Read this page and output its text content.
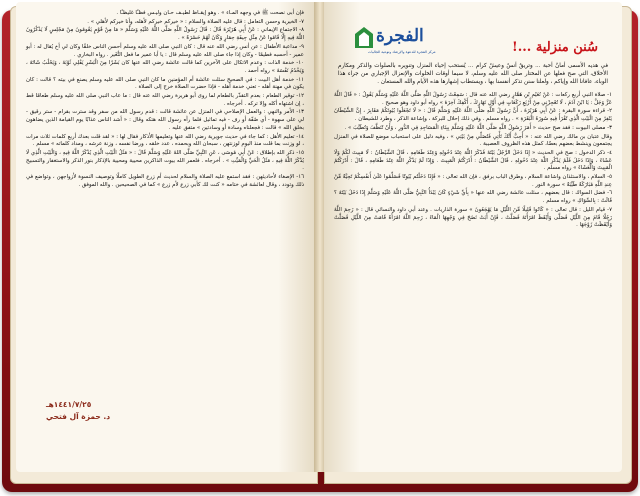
فإن أبى نصحت ﷺ في وجهه المـاء » . وهو إيقـاظ لطيـف حـان وليـس فظـًا غليظـًا .

٧- الخيرية وحسن التعامل : قال عليه الصلاة والسلام : « خيركم خيركم لأهله، وأنا خيركم لأهلي » .

٨- الاجتماع الإيماني : عَنْ أَبِي هُرَيْرَةَ قَالَ : قَالَ رَسُولُ اللَّهِ صَلَّى اللَّهُ عَلَيْهِ وَسَلَّمَ « مَا مِنْ قَوْمٍ يَقُومُونَ مِنْ مَجْلِسٍ لَا يَذْكُرُونَ اللَّهَ فِيهِ إِلَّا قَامُوا عَنْ مِثْلِ جِيفَةِ حِمَارٍ وَكَانَ لَهُمْ حَسْرَةً » .

٩- مداعبة الأطفال : عن أنس رضي الله عنه قال : كان النبي صلى الله عليه وسلم أحسن الناس خلقًا وكان لي أخ يُقال له : أبو عمير - أحسبه فطيمًا - وكان إذا جاء صلى الله عليه وسلم قال : يا أبا عمير ما فعل النُّغَير . رواه البخاري .

١٠- خدمة الذات : وعدم الاتكال على الآخرين كما قالت عائشة رضي الله عنها كان بَشَرًا مِنَ الْبَشَرِ يَفْلِي ثَوْبَهُ ، وَيَحْلُبُ شَاتَهُ ، وَيَخْدُمُ نَفْسَهُ » رواه أحمد .

١١- خدمة أهل البيت : في الصحيح سئلت عائشة أم المؤمنين ما كان النبي صلى الله عليه وسلم يصنع في بيته ؟ قالت : كان يكون في مهنة أهله - تعني خدمة أهله - فإذا حضرت الصلاة خرج إلى الصلاة .

١٢- توقير الطعام : بعدم التقذّر بالطعام لما روى أبو هريرة رضي الله عنه قال : ما عاب النبي صلى الله عليه وسلم طعامًا قط ، إن اشتهاه أكله وإلا تركه . أخرجاه .

١٣- الأمر والنهي : والعمل الإصلاحي في المنزل عن عائشة قالت : قدم رسول الله من سفر وقد سترت بقرام - ستر رقيق - لي على سهوة - أي صُفّة أو رف - فيه تماثيل فلما رآه رسول الله هتكه وقال : « أشد الناس عذابًا يوم القيامة الذين يضاهون بخلق الله » قالت : فجعلناه وسادة أو وسادتين » متفق عليه .

١٤- تعليم الأهل : كما جاء في حديث جويرية رضي الله عنها وتعليمها الأذكار فقال لها : « لقد قلت بعدك أربع كلمات ثلاث مرات ، لو وزنت بما قلت منذ اليوم لوزنتهن ، سبحان الله وبحمده ، عدد خلقه ، ورضا نفسه ، وزنة عرشه ، ومداد كلماته » مسلم .

١٥- ذكر الله بإطلاق : عَنْ أَبِي مُوسَى ، عَنِ النَّبِيِّ صَلَّى اللهُ عَلَيْهِ وَسَلَّمَ قَالَ : « مَثَلُ الْبَيْتِ الَّذِي يُذْكَرُ اللَّهُ فِيهِ ، وَالْبَيْتِ الَّذِي لَا يُذْكَرُ اللَّهُ فِيهِ ، مَثَلُ الْحَيِّ وَالْمَيِّتِ » . أخرجاه . فلعمر الله بيوت الذاكرين محيية ومحيية بالإذكار بنور الذكر والاستغفار والتسبيح .

١٦- الإصغاء لأحاديثهن : فقد استمع عليه الصلاة والسلام لحديث أم زرع الطويل كاملًا وتوصيف النسوة لأزواجهن ، وتواضع في ذلك وتودد ، وقال لعائشة في ختامه « كنت لك كأبي زرع لأم زرع » كما في الصحيحين . والله الموفق .

١٤٤١/٧/٢٥هـ
د. حمزة آل فتحي
الفجرة
مركز الفجرة للدعوة والإرشاد وتوعية الجاليات	سُنن منزلية ...!
في هديه الأسمى أمانٌ أحبة ... وتريقٌ أنسٌ وعيشٌ كرام ... يُستحب إحياء المنزل وتنويره بالصلوات والذكر ومكارم الأخلاق، التي صح فعلها عن المختار صلى الله عليه وسلم، لا سيما أوقات الخلوات والإنعزال الإجباري من جراء هذا الوباء، عافانا الله وإياكم ، ولعلنا سنن تذكر أنفسنا بها ، ويستطاب إشهارها هذه الأيام والله المستعان .

١- صلاة النبي أربع ركعات : عَنْ نُعَيْمِ بْنِ هَمَّارٍ رضي الله عنه قال : سَمِعْتُ رَسُولَ اللَّهِ صَلَّى اللَّهُ عَلَيْهِ وَسَلَّمَ يَقُولُ : « قَالَ اللَّهُ عَزَّ وَجَلَّ : يَا ابْنَ آدَمَ ، لَا تُعْجِزْنِي مِنْ أَرْبَعِ رَكَعَاتٍ فِي أَوَّلِ نَهَارِكَ ، أَكْفِكَ آخِرَهُ » رواه أبو داود وهو صحيح .

٢- قراءة سورة البقرة : عَنْ أَبِي هُرَيْرَةَ ، أَنَّ رَسُولَ اللَّهِ صَلَّى اللَّهُ عَلَيْهِ وَسَلَّمَ قَالَ : « لَا تَجْعَلُوا بُيُوتَكُمْ مَقَابِرَ ، إِنَّ الشَّيْطَانَ يَنْفِرُ مِنَ الْبَيْتِ الَّذِي تُقْرَأُ فِيهِ سُورَةُ الْبَقَرَةِ » . رواه مسلم . وفي ذلك إحلال للبركة ، وإشاعة الذكر ، وطرد للشيطان .

٣- مصلى البيوت : فقد صح حديث « أَمَرَ رَسُولُ اللَّهِ صَلَّى اللَّهُ عَلَيْهِ وَسَلَّمَ بِبِنَاءِ الْمَسَاجِدِ فِي الدُّورِ ، وَأَنْ تُنَظَّفَ وَتُطَيَّبَ » .

وقال عتبان بن مالك رضي الله عنه : « أُحِبُّ أَنَّكَ تَأْتِي فَتُصَلِّي مِنْ بَيْتِي » ، وفيه دليل على استحباب موضع للصلاة في المنزل يجتمعون وينشط بعضهم بعضًا، كمثل هذه الظروف العصيبة .

٤- ذكر الدخول : صح في الحديث « إِذَا دَخَلَ الرَّجُلُ بَيْتَهُ فَذَكَرَ اللَّهَ عِنْدَ دُخُولِهِ وَعِنْدَ طَعَامِهِ ، قَالَ الشَّيْطَانُ : لَا مَبِيتَ لَكُمْ وَلَا عَشَاءَ ، وَإِذَا دَخَلَ فَلَمْ يَذْكُرِ اللَّهَ عِنْدَ دُخُولِهِ ، قَالَ الشَّيْطَانُ : أَدْرَكْتُمُ الْمَبِيتَ . وَإِذَا لَمْ يَذْكُرِ اللَّهَ عِنْدَ طَعَامِهِ ، قَالَ : أَدْرَكْتُمُ الْمَبِيتَ وَالْعَشَاءَ » رواه مسلم .

٥- السلام ، والاستئذان واشاعة السلام ، وطرق الباب برفق ، فإن الله تعالى : « فَإِذَا دَخَلْتُم بُيُوتًا فَسَلِّمُوا عَلَىٰ أَنفُسِكُمْ تَحِيَّةً مِّنْ عِندِ اللَّهِ مُبَارَكَةً طَيِّبَةً » سورة النور .

٦- فضل السواك : قال بعضهم ، سئلت عائشة رضي الله عنها « بِأَيِّ شَيْءٍ كَانَ يَبْدَأُ النَّبِيُّ صَلَّى اللَّهُ عَلَيْهِ وَسَلَّمَ إِذَا دَخَلَ بَيْتَهُ ؟ قَالَتْ : بِالسِّوَاكِ » رواه مسلم .

٧- قيام الليل : قال تعالى : « كَانُوا قَلِيلًا مِّنَ اللَّيْلِ مَا يَهْجَعُونَ » سورة الذاريات . وعند أبي داود والنسائي قال : « رَحِمَ اللَّهُ رَجُلًا قَامَ مِنَ اللَّيْلِ فَصَلَّى وَأَيْقَظَ امْرَأَتَهُ فَصَلَّتْ ، فَإِنْ أَبَتْ نَضَحَ فِي وَجْهِهَا الْمَاءَ ، رَحِمَ اللَّهُ امْرَأَةً قَامَتْ مِنَ اللَّيْلِ فَصَلَّتْ وَأَيْقَظَتْ زَوْجَهَا .
